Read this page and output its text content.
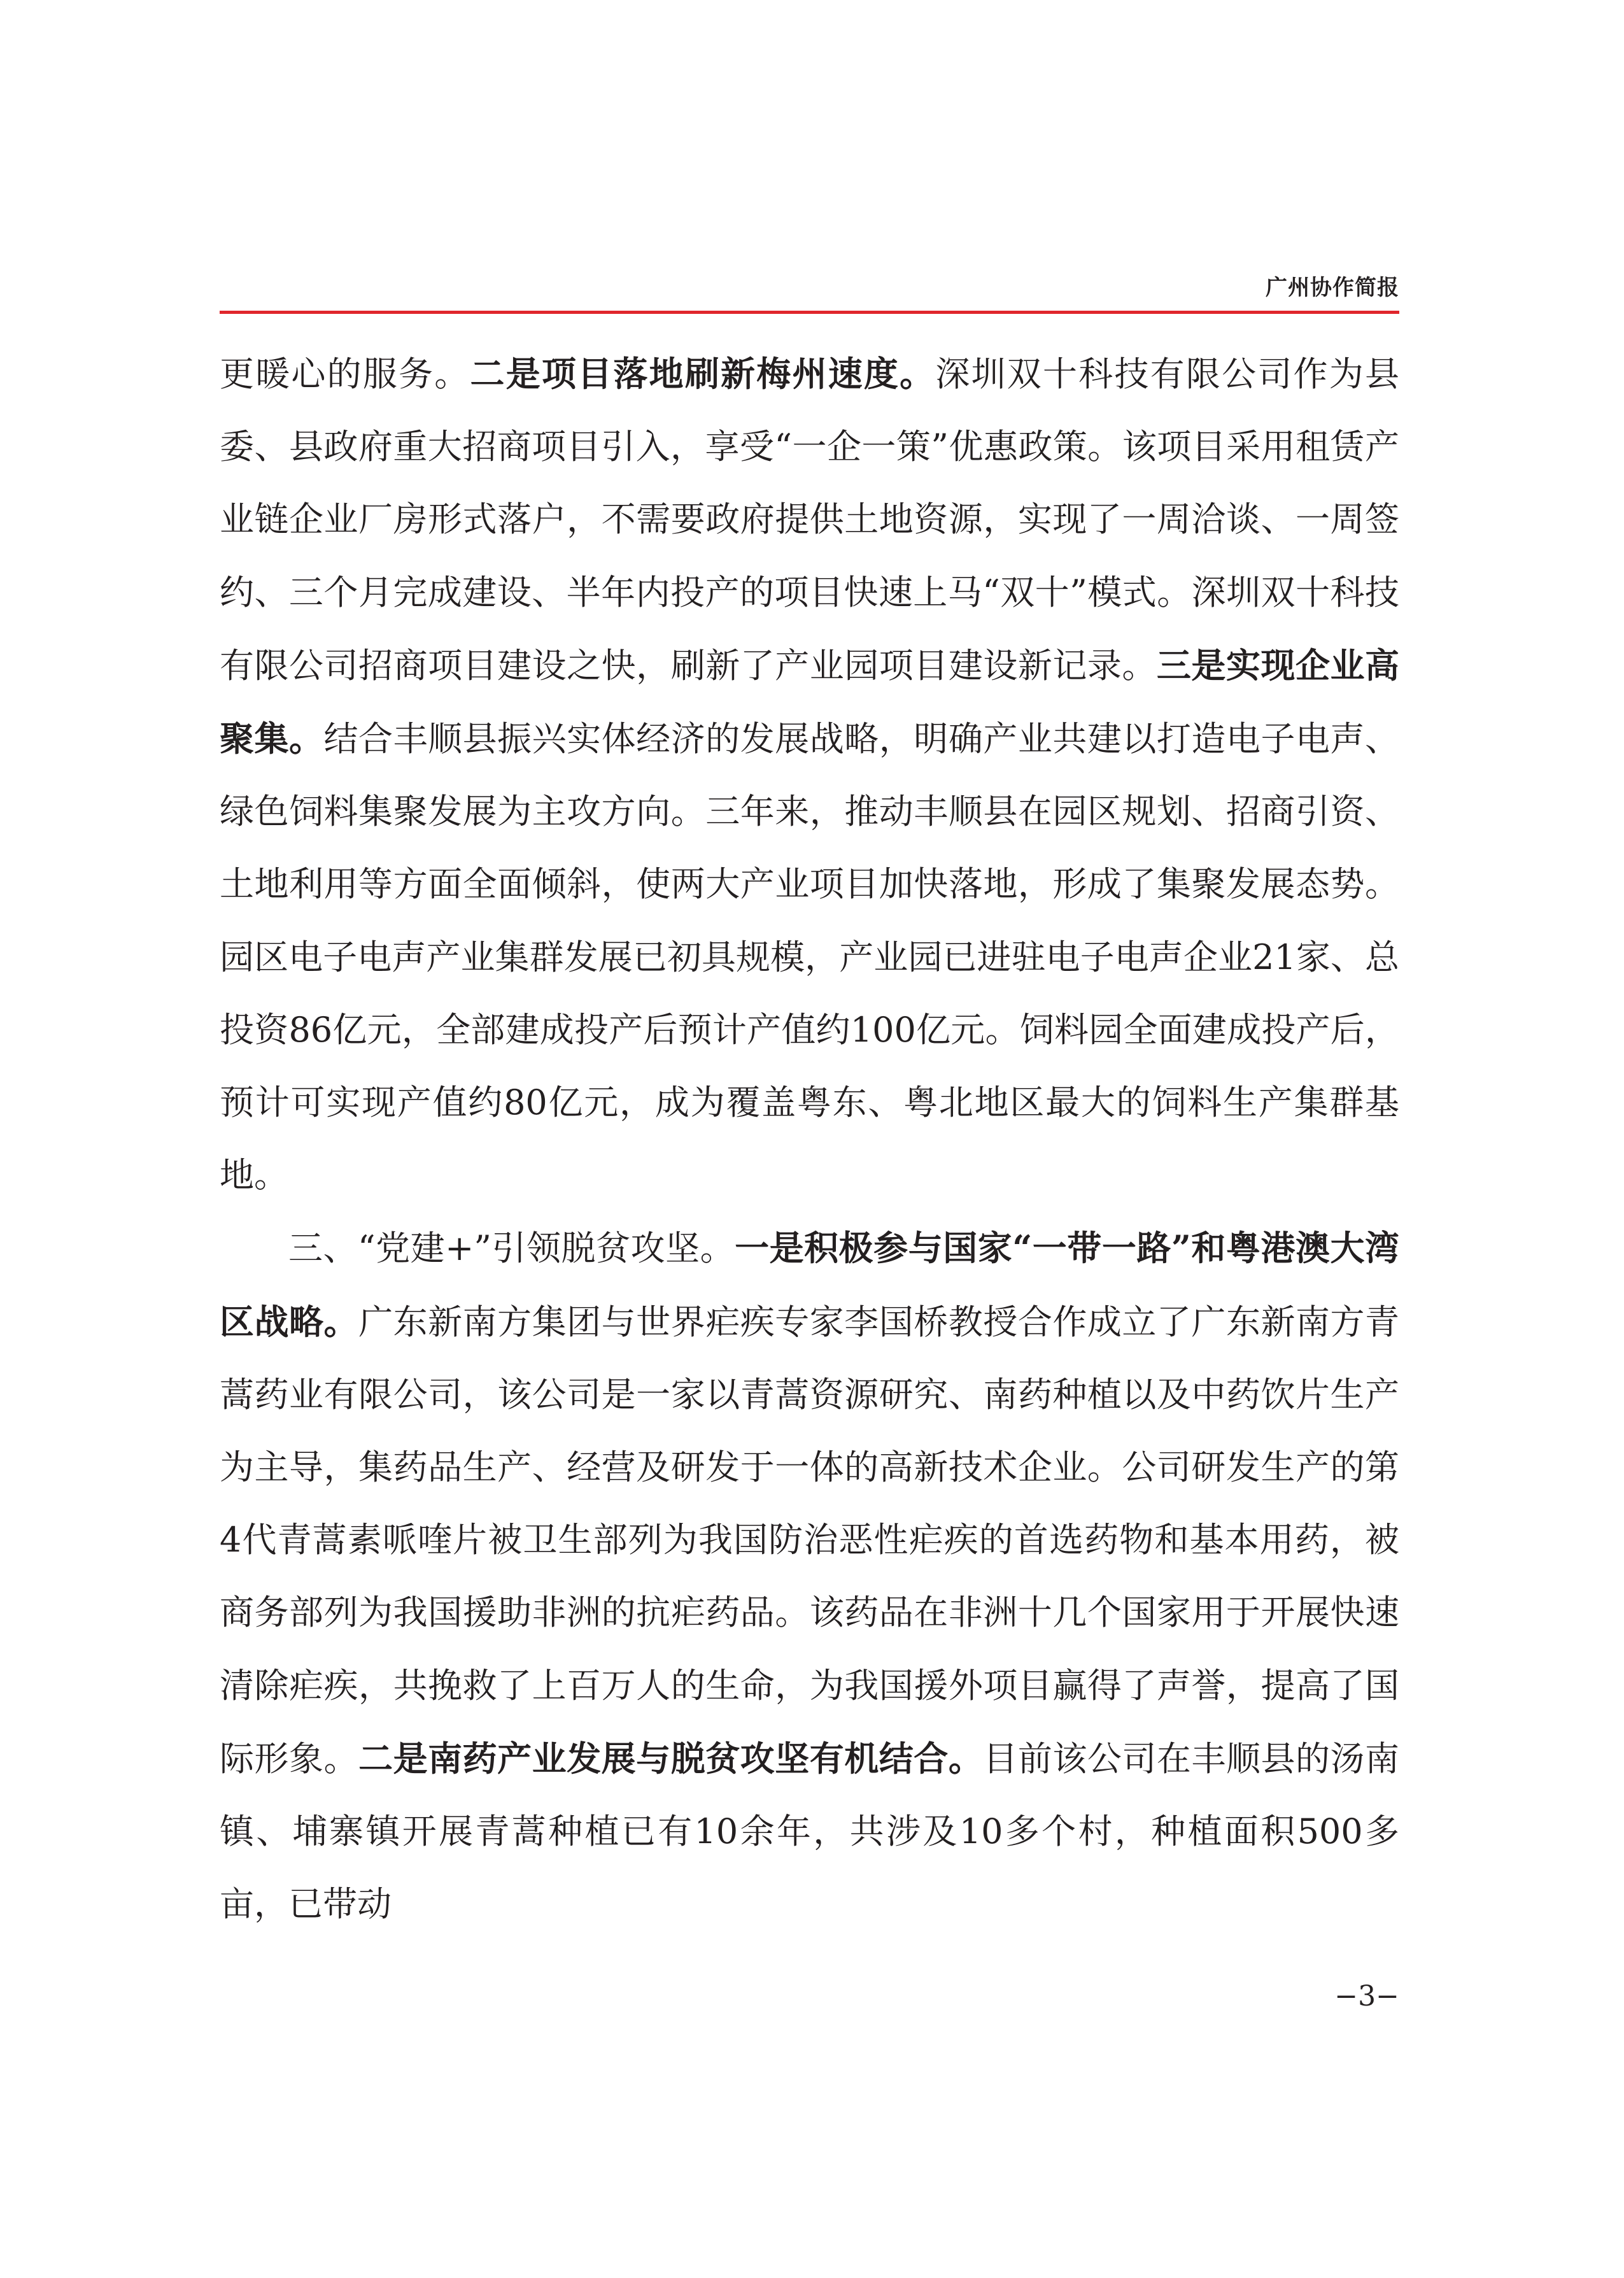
广州协作简报

更暖心的服务。二是项目落地刷新梅州速度。深圳双十科技有限公司作为县委、县政府重大招商项目引入，享受“一企一策”优惠政策。该项目采用租赁产业链企业厂房形式落户，不需要政府提供土地资源，实现了一周洽谈、一周签约、三个月完成建设、半年内投产的项目快速上马“双十”模式。深圳双十科技有限公司招商项目建设之快，刷新了产业园项目建设新记录。三是实现企业高聚集。结合丰顺县振兴实体经济的发展战略，明确产业共建以打造电子电声、绿色饲料集聚发展为主攻方向。三年来，推动丰顺县在园区规划、招商引资、土地利用等方面全面倾斜，使两大产业项目加快落地，形成了集聚发展态势。园区电子电声产业集群发展已初具规模，产业园已进驻电子电声企业21家、总投资86亿元，全部建成投产后预计产值约100亿元。饲料园全面建成投产后，预计可实现产值约80亿元，成为覆盖粤东、粤北地区最大的饲料生产集群基地。

三、“党建+”引领脱贫攻坚。一是积极参与国家“一带一路”和粤港澳大湾区战略。广东新南方集团与世界疟疾专家李国桥教授合作成立了广东新南方青蒿药业有限公司，该公司是一家以青蒿资源研究、南药种植以及中药饮片生产为主导，集药品生产、经营及研发于一体的高新技术企业。公司研发生产的第4代青蒿素哌喹片被卫生部列为我国防治恶性疟疾的首选药物和基本用药，被商务部列为我国援助非洲的抗疟药品。该药品在非洲十几个国家用于开展快速清除疟疾，共挽救了上百万人的生命，为我国援外项目赢得了声誉，提高了国际形象。二是南药产业发展与脱贫攻坚有机结合。目前该公司在丰顺县的汤南镇、埔寨镇开展青蒿种植已有10余年，共涉及10多个村，种植面积500多亩，已带动

−3−
